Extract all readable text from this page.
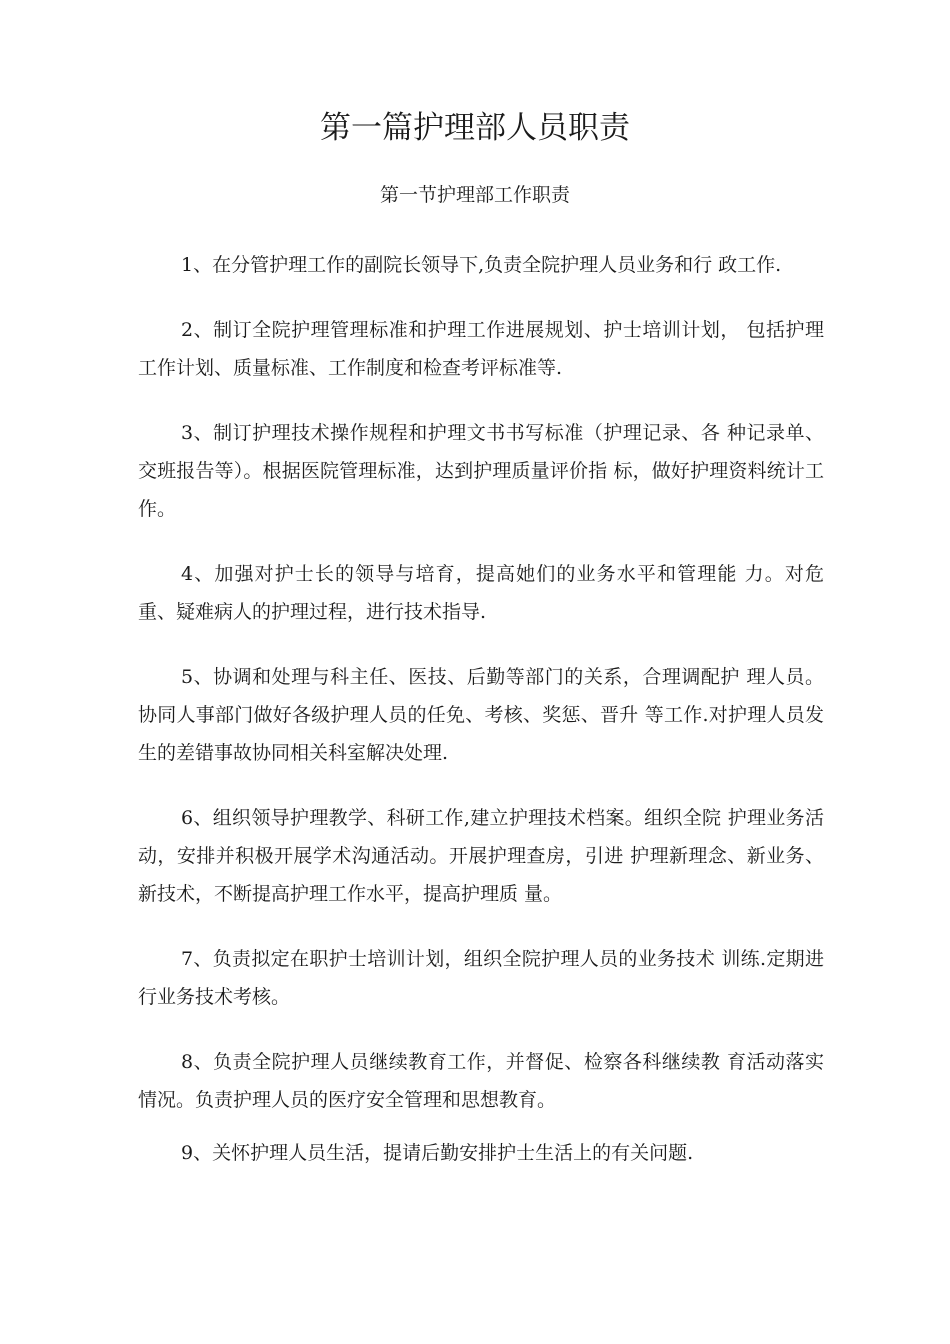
第一篇护理部人员职责
第一节护理部工作职责

1、在分管护理工作的副院长领导下,负责全院护理人员业务和行 政工作.

2、制订全院护理管理标准和护理工作进展规划、护士培训计划， 包括护理工作计划、质量标准、工作制度和检查考评标准等.

3、制订护理技术操作规程和护理文书书写标准（护理记录、各 种记录单、交班报告等）。根据医院管理标准，达到护理质量评价指 标，做好护理资料统计工作。

4、加强对护士长的领导与培育，提高她们的业务水平和管理能 力。对危重、疑难病人的护理过程，进行技术指导.

5、协调和处理与科主任、医技、后勤等部门的关系，合理调配护 理人员。协同人事部门做好各级护理人员的任免、考核、奖惩、晋升 等工作.对护理人员发生的差错事故协同相关科室解决处理.

6、组织领导护理教学、科研工作,建立护理技术档案。组织全院 护理业务活动，安排并积极开展学术沟通活动。开展护理查房，引进 护理新理念、新业务、新技术，不断提高护理工作水平，提高护理质 量。

7、负责拟定在职护士培训计划，组织全院护理人员的业务技术 训练.定期进行业务技术考核。

8、负责全院护理人员继续教育工作，并督促、检察各科继续教 育活动落实情况。负责护理人员的医疗安全管理和思想教育。

9、关怀护理人员生活，提请后勤安排护士生活上的有关问题.
